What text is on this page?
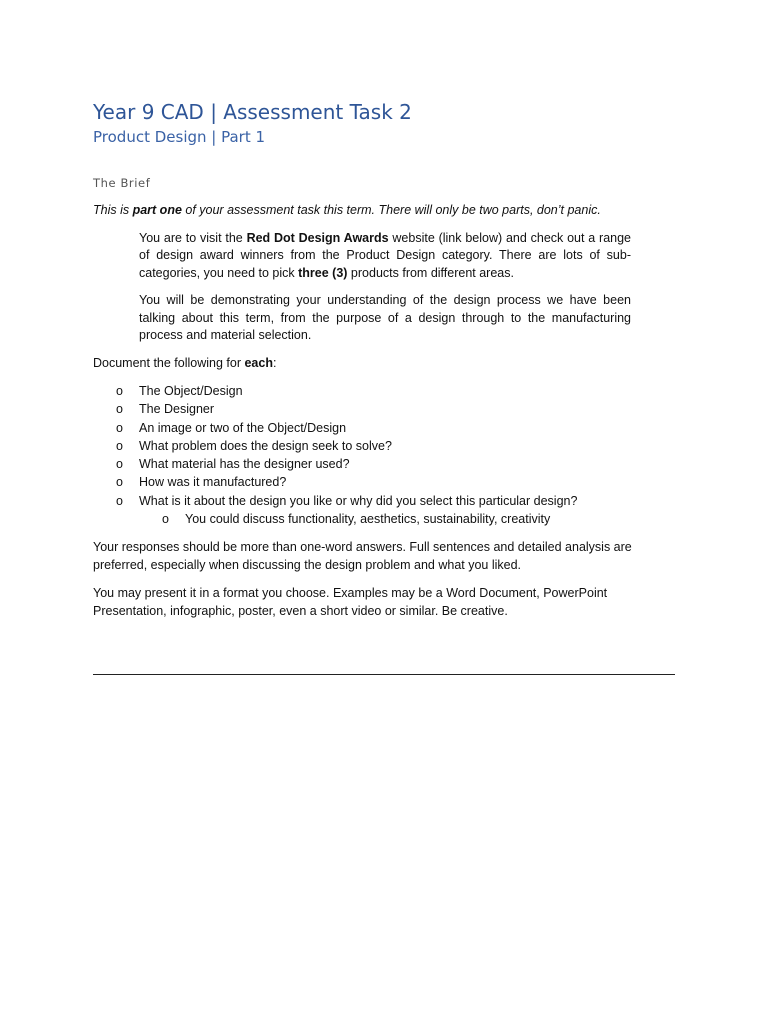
Year 9 CAD | Assessment Task 2
Product Design | Part 1
The Brief

This is part one of your assessment task this term. There will only be two parts, don’t panic.

You are to visit the Red Dot Design Awards website (link below) and check out a range of design award winners from the Product Design category. There are lots of sub-categories, you need to pick three (3) products from different areas.

You will be demonstrating your understanding of the design process we have been talking about this term, from the purpose of a design through to the manufacturing process and material selection.

Document the following for each:

o The Object/Design
o The Designer
o An image or two of the Object/Design
o What problem does the design seek to solve?
o What material has the designer used?
o How was it manufactured?
o What is it about the design you like or why did you select this particular design?
o You could discuss functionality, aesthetics, sustainability, creativity

Your responses should be more than one-word answers. Full sentences and detailed analysis are preferred, especially when discussing the design problem and what you liked.

You may present it in a format you choose. Examples may be a Word Document, PowerPoint Presentation, infographic, poster, even a short video or similar. Be creative.
